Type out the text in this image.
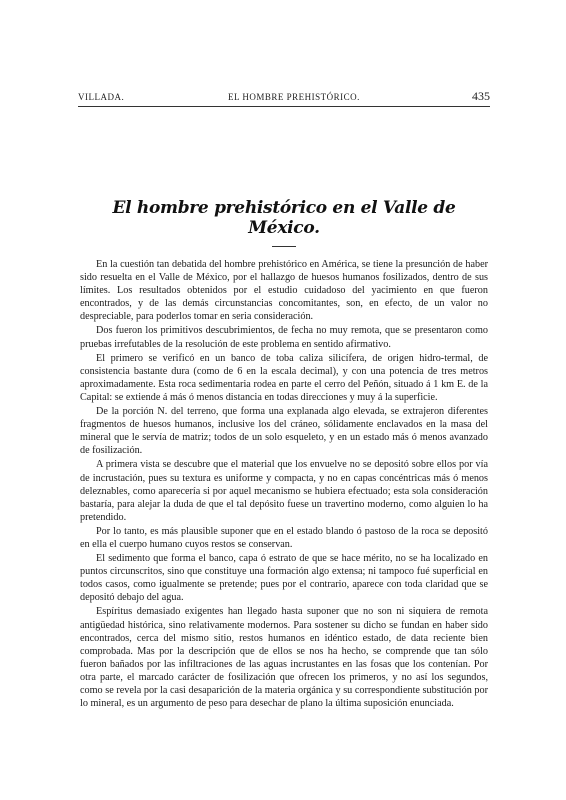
VILLADA.	EL HOMBRE PREHISTÓRICO.	435
El hombre prehistórico en el Valle de México.

En la cuestión tan debatida del hombre prehistórico en América, se tiene la presunción de haber sido resuelta en el Valle de México, por el hallazgo de huesos humanos fosilizados, dentro de sus límites. Los resultados obtenidos por el estudio cuidadoso del yacimiento en que fueron encontrados, y de las demás circunstancias concomitantes, son, en efecto, de un valor no despreciable, para poderlos tomar en seria consideración.

Dos fueron los primitivos descubrimientos, de fecha no muy remota, que se presentaron como pruebas irrefutables de la resolución de este problema en sentido afirmativo.

El primero se verificó en un banco de toba caliza silicífera, de origen hidro-termal, de consistencia bastante dura (como de 6 en la escala decimal), y con una potencia de tres metros aproximadamente. Esta roca sedimentaria rodea en parte el cerro del Peñón, situado á 1 km E. de la Capital: se extiende á más ó menos distancia en todas direcciones y muy á la superficie.

De la porción N. del terreno, que forma una explanada algo elevada, se extrajeron diferentes fragmentos de huesos humanos, inclusive los del cráneo, sólidamente enclavados en la masa del mineral que le servía de matriz; todos de un solo esqueleto, y en un estado más ó menos avanzado de fosilización.

A primera vista se descubre que el material que los envuelve no se depositó sobre ellos por vía de incrustación, pues su textura es uniforme y compacta, y no en capas concéntricas más ó menos deleznables, como aparecería si por aquel mecanismo se hubiera efectuado; esta sola consideración bastaría, para alejar la duda de que el tal depósito fuese un travertino moderno, como alguien lo ha pretendido.

Por lo tanto, es más plausible suponer que en el estado blando ó pastoso de la roca se depositó en ella el cuerpo humano cuyos restos se conservan.

El sedimento que forma el banco, capa ó estrato de que se hace mérito, no se ha localizado en puntos circunscritos, sino que constituye una formación algo extensa; ni tampoco fué superficial en todos casos, como igualmente se pretende; pues por el contrario, aparece con toda claridad que se depositó debajo del agua.

Espíritus demasiado exigentes han llegado hasta suponer que no son ni siquiera de remota antigüedad histórica, sino relativamente modernos. Para sostener su dicho se fundan en haber sido encontrados, cerca del mismo sitio, restos humanos en idéntico estado, de data reciente bien comprobada. Mas por la descripción que de ellos se nos ha hecho, se comprende que tan sólo fueron bañados por las infiltraciones de las aguas incrustantes en las fosas que los contenían. Por otra parte, el marcado carácter de fosilización que ofrecen los primeros, y no así los segundos, como se revela por la casi desaparición de la materia orgánica y su correspondiente substitución por lo mineral, es un argumento de peso para desechar de plano la última suposición enunciada.
